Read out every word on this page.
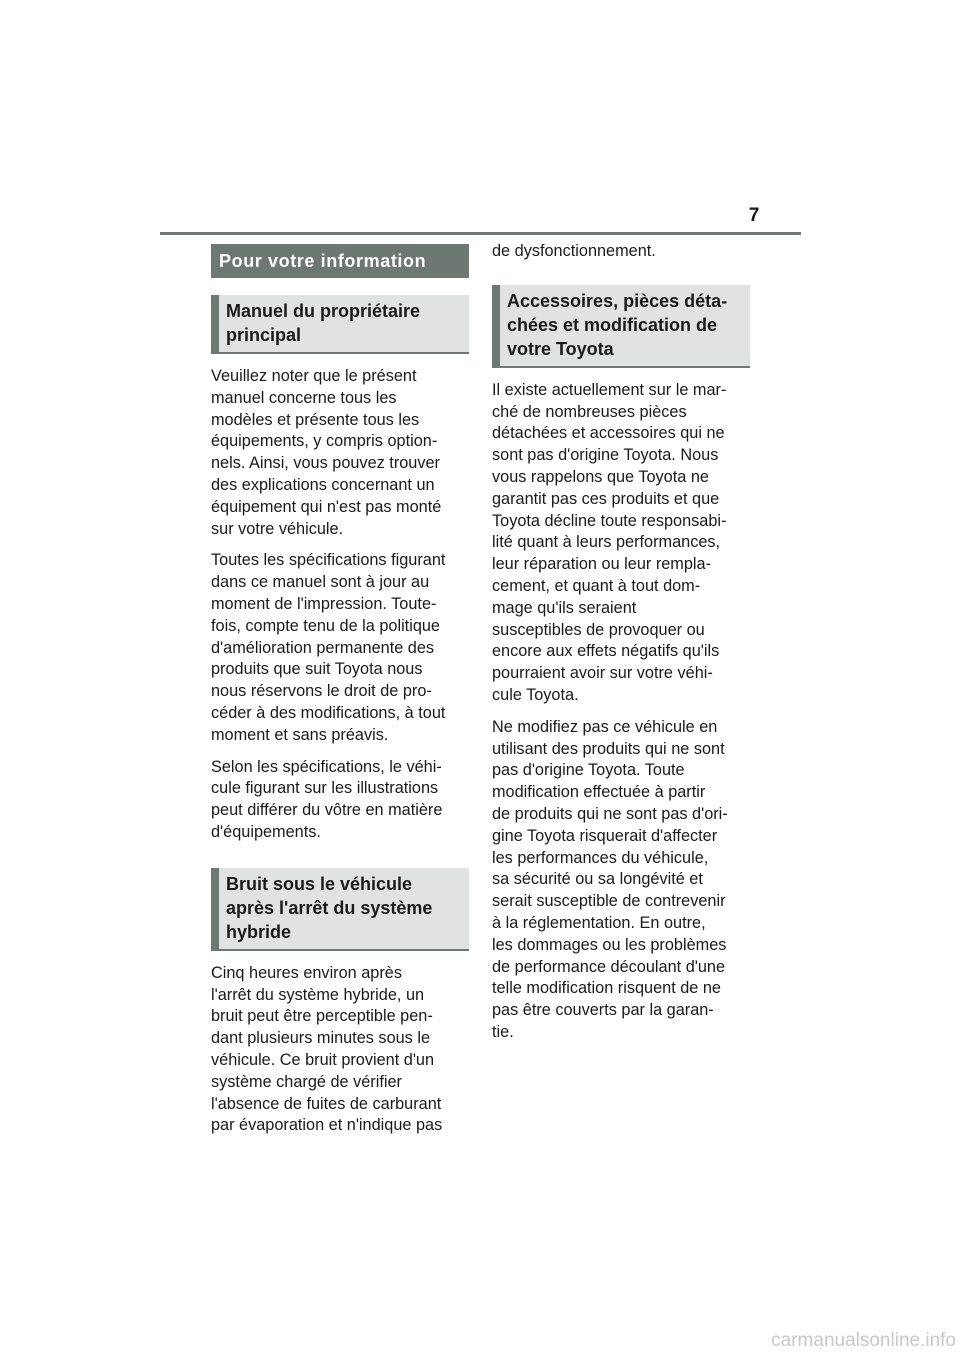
7
Pour votre information
Manuel du propriétaire
principal

Veuillez noter que le présent
manuel concerne tous les
modèles et présente tous les
équipements, y compris option-
nels. Ainsi, vous pouvez trouver
des explications concernant un
équipement qui n'est pas monté
sur votre véhicule.

Toutes les spécifications figurant
dans ce manuel sont à jour au
moment de l'impression. Toute-
fois, compte tenu de la politique
d'amélioration permanente des
produits que suit Toyota nous
nous réservons le droit de pro-
céder à des modifications, à tout
moment et sans préavis.

Selon les spécifications, le véhi-
cule figurant sur les illustrations
peut différer du vôtre en matière
d'équipements.

Bruit sous le véhicule
après l'arrêt du système
hybride

Cinq heures environ après
l'arrêt du système hybride, un
bruit peut être perceptible pen-
dant plusieurs minutes sous le
véhicule. Ce bruit provient d'un
système chargé de vérifier
l'absence de fuites de carburant
par évaporation et n'indique pas

de dysfonctionnement.

Accessoires, pièces déta-
chées et modification de
votre Toyota

Il existe actuellement sur le mar-
ché de nombreuses pièces
détachées et accessoires qui ne
sont pas d'origine Toyota. Nous
vous rappelons que Toyota ne
garantit pas ces produits et que
Toyota décline toute responsabi-
lité quant à leurs performances,
leur réparation ou leur rempla-
cement, et quant à tout dom-
mage qu'ils seraient
susceptibles de provoquer ou
encore aux effets négatifs qu'ils
pourraient avoir sur votre véhi-
cule Toyota.

Ne modifiez pas ce véhicule en
utilisant des produits qui ne sont
pas d'origine Toyota. Toute
modification effectuée à partir
de produits qui ne sont pas d'ori-
gine Toyota risquerait d'affecter
les performances du véhicule,
sa sécurité ou sa longévité et
serait susceptible de contrevenir
à la réglementation. En outre,
les dommages ou les problèmes
de performance découlant d'une
telle modification risquent de ne
pas être couverts par la garan-
tie.

carmanualsonline.info
